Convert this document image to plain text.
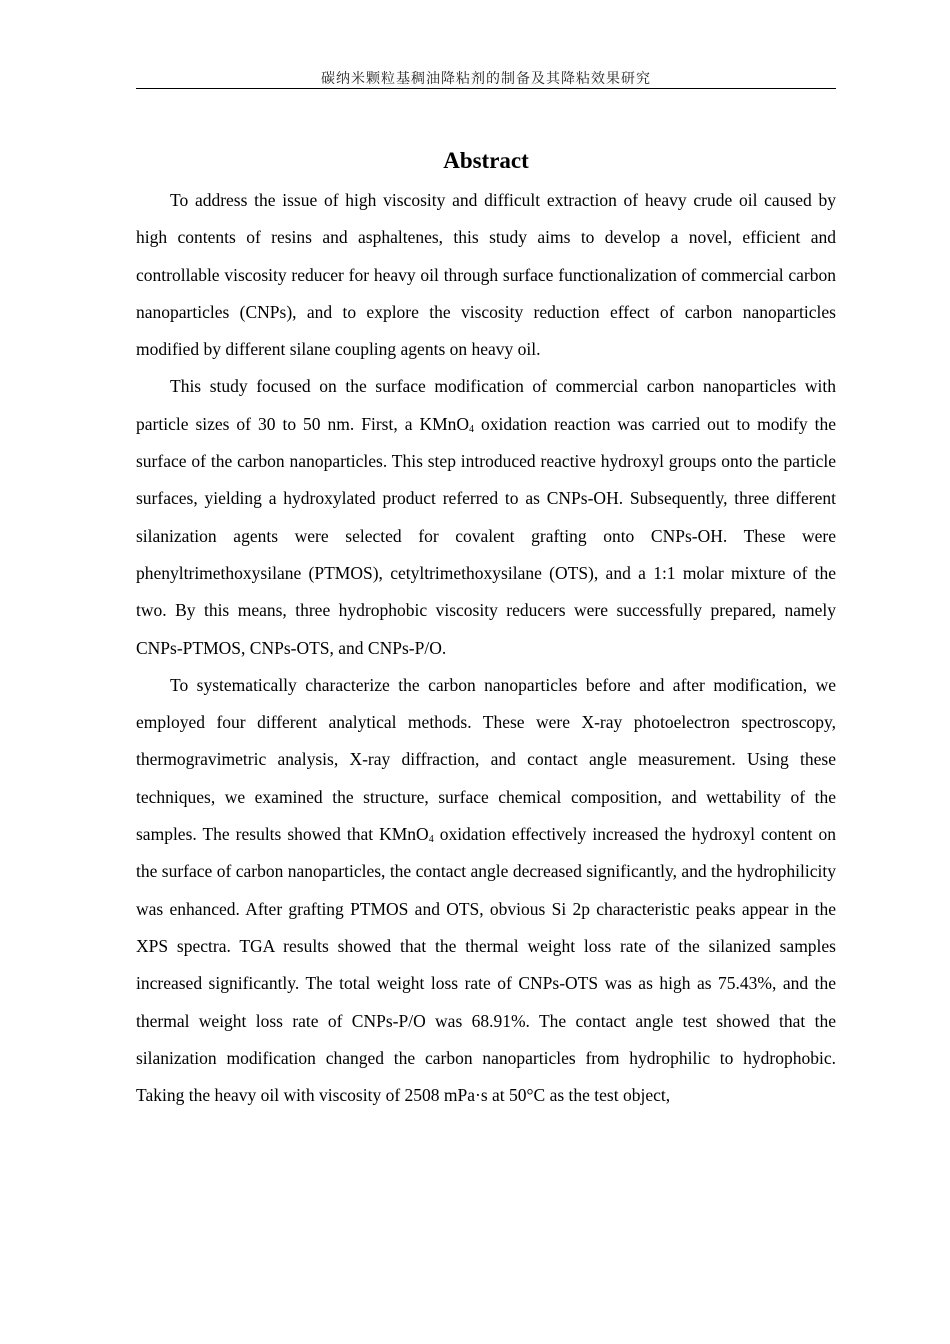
碳纳米颗粒基稠油降粘剂的制备及其降粘效果研究
Abstract

To address the issue of high viscosity and difficult extraction of heavy crude oil caused by high contents of resins and asphaltenes, this study aims to develop a novel, efficient and controllable viscosity reducer for heavy oil through surface functionalization of commercial carbon nanoparticles (CNPs), and to explore the viscosity reduction effect of carbon nanoparticles modified by different silane coupling agents on heavy oil.

This study focused on the surface modification of commercial carbon nanoparticles with particle sizes of 30 to 50 nm. First, a KMnO$_4$ oxidation reaction was carried out to modify the surface of the carbon nanoparticles. This step introduced reactive hydroxyl groups onto the particle surfaces, yielding a hydroxylated product referred to as CNPs-OH. Subsequently, three different silanization agents were selected for covalent grafting onto CNPs-OH. These were phenyltrimethoxysilane (PTMOS), cetyltrimethoxysilane (OTS), and a 1:1 molar mixture of the two. By this means, three hydrophobic viscosity reducers were successfully prepared, namely CNPs-PTMOS, CNPs-OTS, and CNPs-P/O.

To systematically characterize the carbon nanoparticles before and after modification, we employed four different analytical methods. These were X-ray photoelectron spectroscopy, thermogravimetric analysis, X-ray diffraction, and contact angle measurement. Using these techniques, we examined the structure, surface chemical composition, and wettability of the samples. The results showed that KMnO$_4$ oxidation effectively increased the hydroxyl content on the surface of carbon nanoparticles, the contact angle decreased significantly, and the hydrophilicity was enhanced. After grafting PTMOS and OTS, obvious Si 2p characteristic peaks appear in the XPS spectra. TGA results showed that the thermal weight loss rate of the silanized samples increased significantly. The total weight loss rate of CNPs-OTS was as high as 75.43%, and the thermal weight loss rate of CNPs-P/O was 68.91%. The contact angle test showed that the silanization modification changed the carbon nanoparticles from hydrophilic to hydrophobic. Taking the heavy oil with viscosity of 2508 mPa·s at 50°C as the test object,
